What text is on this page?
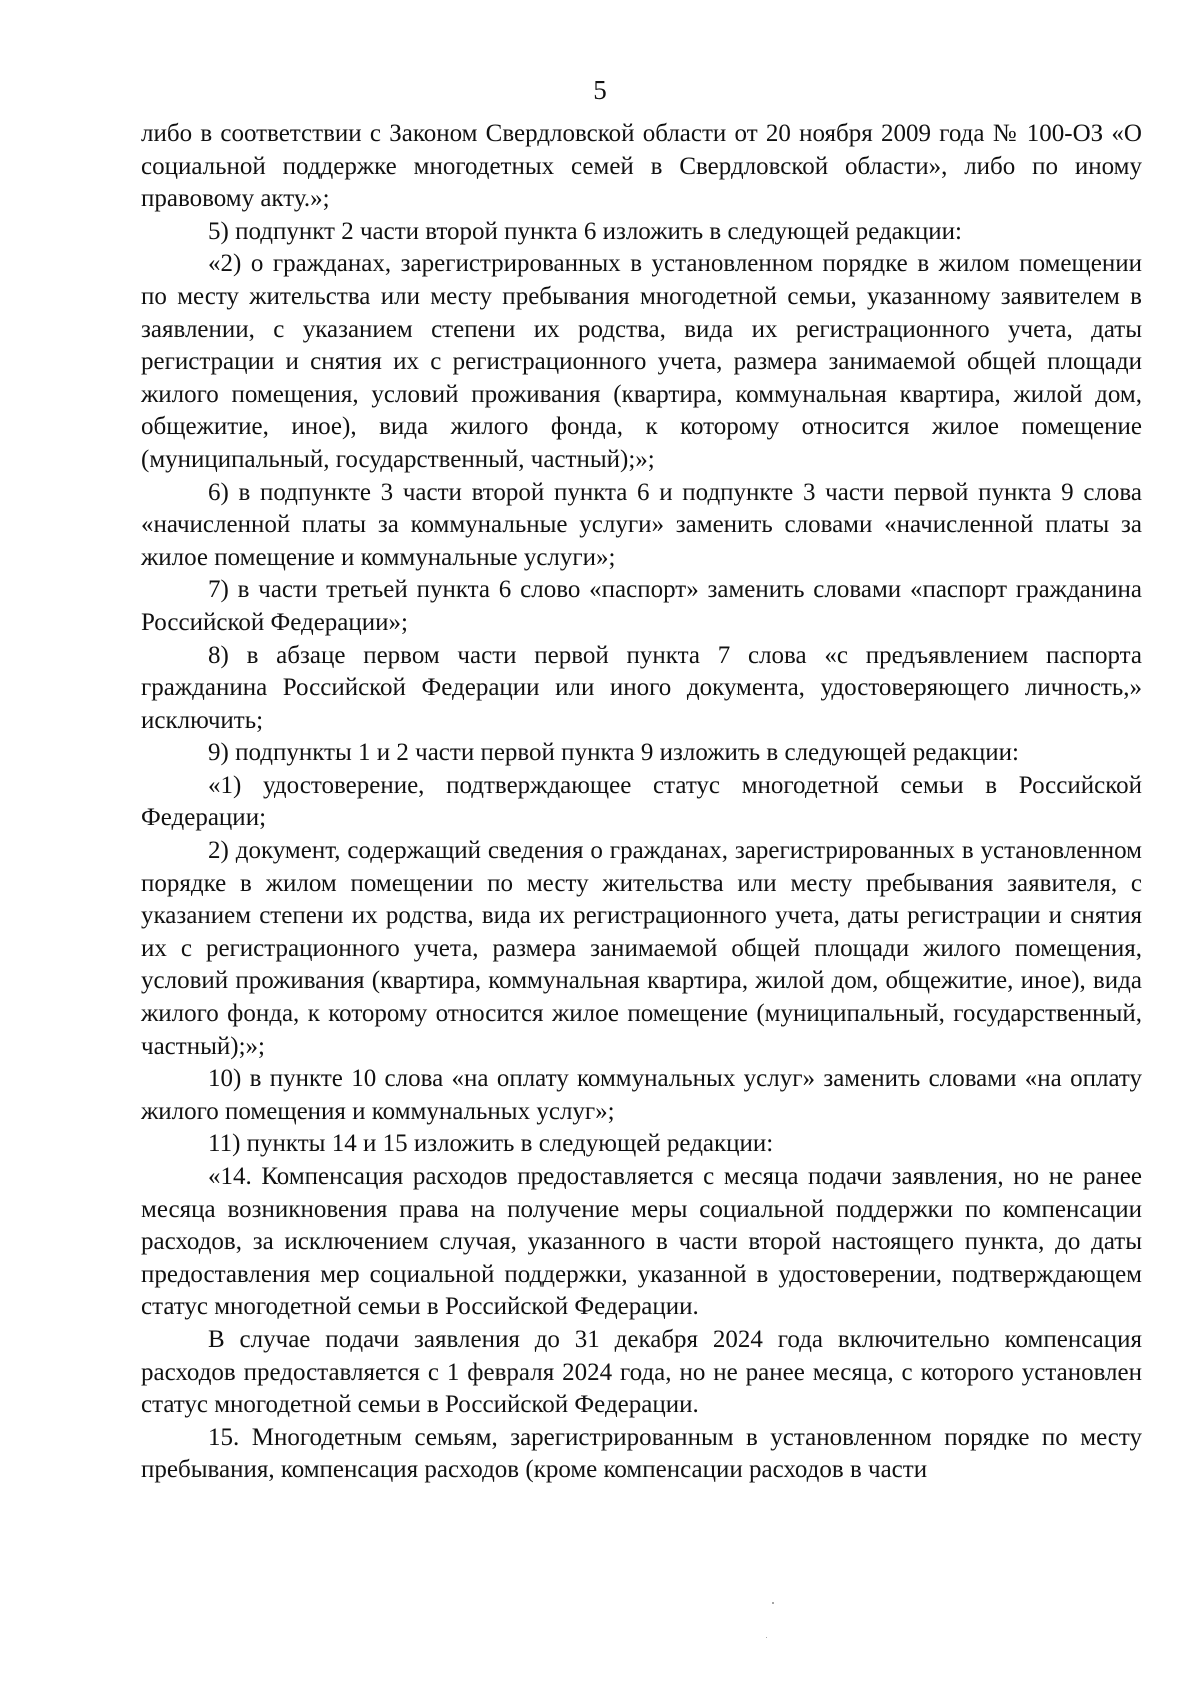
5

либо в соответствии с Законом Свердловской области от 20 ноября 2009 года № 100-ОЗ «О социальной поддержке многодетных семей в Свердловской области», либо по иному правовому акту.»;

5) подпункт 2 части второй пункта 6 изложить в следующей редакции:

«2) о гражданах, зарегистрированных в установленном порядке в жилом помещении по месту жительства или месту пребывания многодетной семьи, указанному заявителем в заявлении, с указанием степени их родства, вида их регистрационного учета, даты регистрации и снятия их с регистрационного учета, размера занимаемой общей площади жилого помещения, условий проживания (квартира, коммунальная квартира, жилой дом, общежитие, иное), вида жилого фонда, к которому относится жилое помещение (муниципальный, государственный, частный);»;

6) в подпункте 3 части второй пункта 6 и подпункте 3 части первой пункта 9 слова «начисленной платы за коммунальные услуги» заменить словами «начисленной платы за жилое помещение и коммунальные услуги»;

7) в части третьей пункта 6 слово «паспорт» заменить словами «паспорт гражданина Российской Федерации»;

8) в абзаце первом части первой пункта 7 слова «с предъявлением паспорта гражданина Российской Федерации или иного документа, удостоверяющего личность,» исключить;

9) подпункты 1 и 2 части первой пункта 9 изложить в следующей редакции:

«1) удостоверение, подтверждающее статус многодетной семьи в Российской Федерации;

2) документ, содержащий сведения о гражданах, зарегистрированных в установленном порядке в жилом помещении по месту жительства или месту пребывания заявителя, с указанием степени их родства, вида их регистрационного учета, даты регистрации и снятия их с регистрационного учета, размера занимаемой общей площади жилого помещения, условий проживания (квартира, коммунальная квартира, жилой дом, общежитие, иное), вида жилого фонда, к которому относится жилое помещение (муниципальный, государственный, частный);»;

10) в пункте 10 слова «на оплату коммунальных услуг» заменить словами «на оплату жилого помещения и коммунальных услуг»;

11) пункты 14 и 15 изложить в следующей редакции:

«14. Компенсация расходов предоставляется с месяца подачи заявления, но не ранее месяца возникновения права на получение меры социальной поддержки по компенсации расходов, за исключением случая, указанного в части второй настоящего пункта, до даты предоставления мер социальной поддержки, указанной в удостоверении, подтверждающем статус многодетной семьи в Российской Федерации.

В случае подачи заявления до 31 декабря 2024 года включительно компенсация расходов предоставляется с 1 февраля 2024 года, но не ранее месяца, с которого установлен статус многодетной семьи в Российской Федерации.

15. Многодетным семьям, зарегистрированным в установленном порядке по месту пребывания, компенсация расходов (кроме компенсации расходов в части
